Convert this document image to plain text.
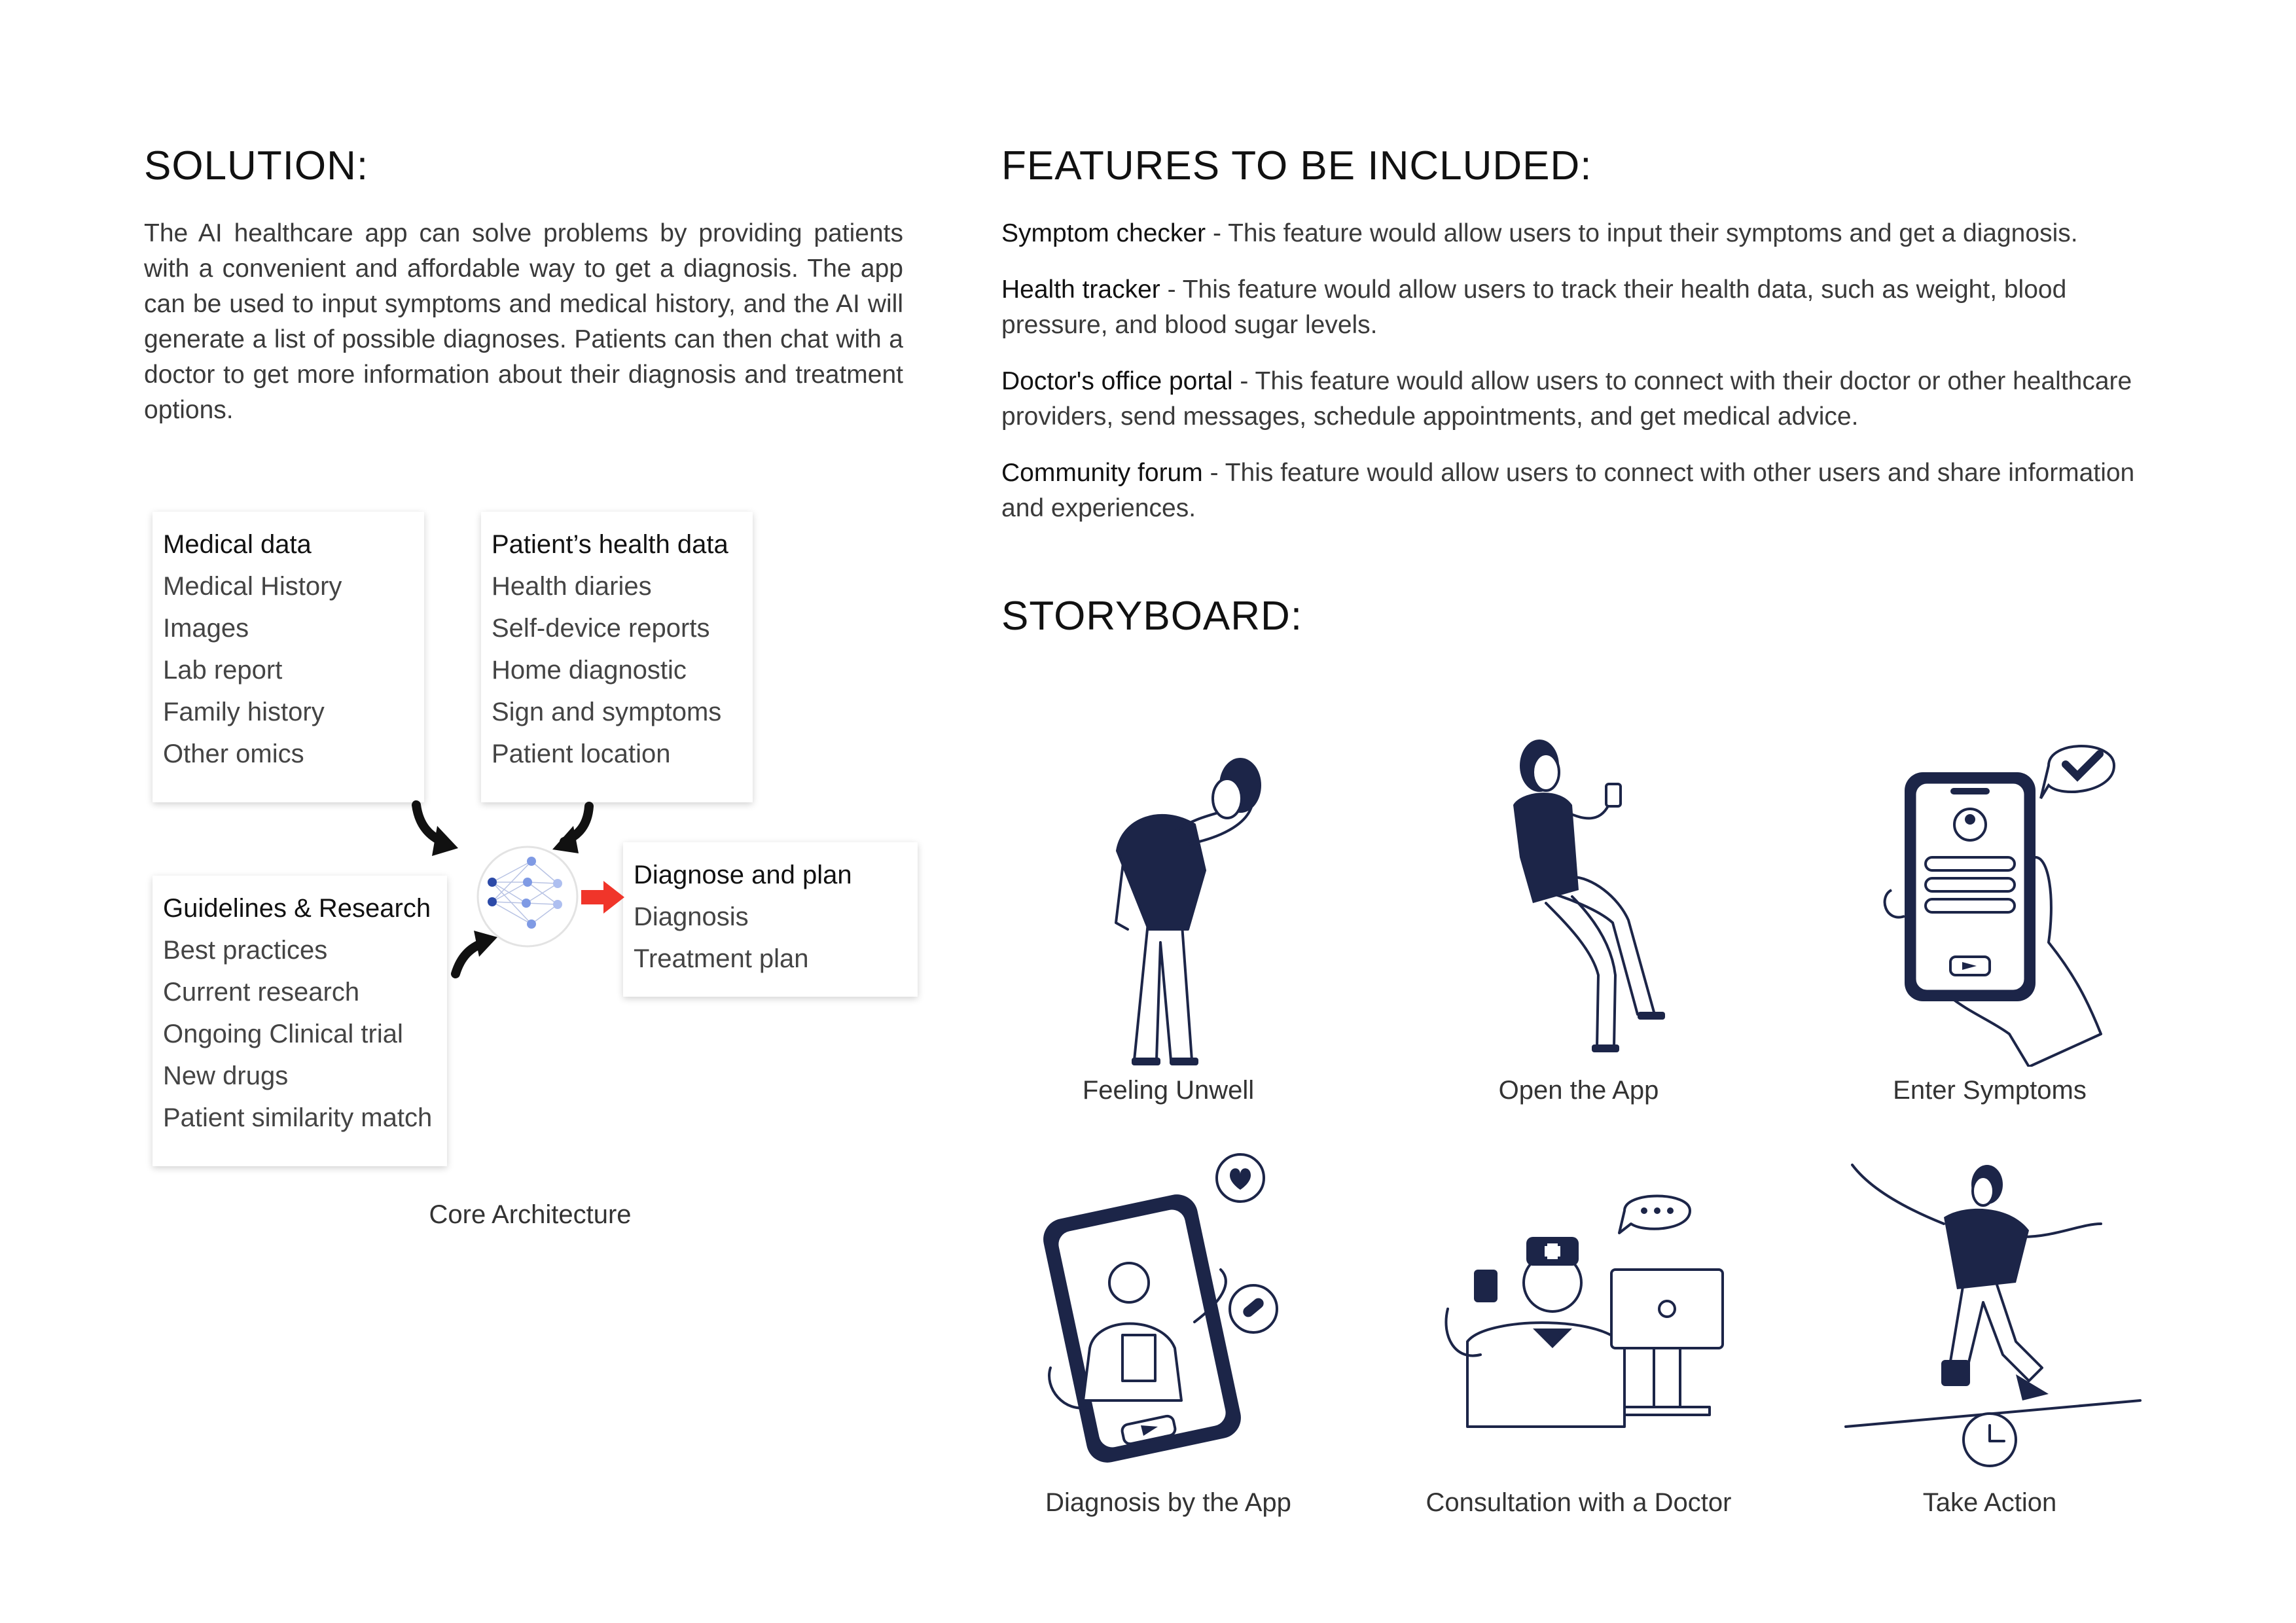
SOLUTION:

The AI healthcare app can solve problems by providing patients with a convenient and affordable way to get a diagnosis. The app can be used to input symptoms and medical history, and the AI will generate a list of possible diagnoses. Patients can then chat with a doctor to get more information about their diagnosis and treatment options.

FEATURES TO BE INCLUDED:
Symptom checker - This feature would allow users to input their symptoms and get a diagnosis.
Health tracker - This feature would allow users to track their health data, such as weight, blood pressure, and blood sugar levels.
Doctor's office portal - This feature would allow users to connect with their doctor or other healthcare providers, send messages, schedule appointments, and get medical advice.
Community forum - This feature would allow users to connect with other users and share information and experiences.
STORYBOARD:
Medical data
Medical History
Images
Lab report
Family history
Other omics
Patient’s health data
Health diaries
Self-device reports
Home diagnostic
Sign and symptoms
Patient location
Guidelines & Research
Best practices
Current research
Ongoing Clinical trial
New drugs
Patient similarity match
Diagnose and plan
Diagnosis
Treatment plan
Core Architecture
Feeling Unwell	Open the App	Enter Symptoms
Diagnosis by the App	Consultation with a Doctor	Take Action
